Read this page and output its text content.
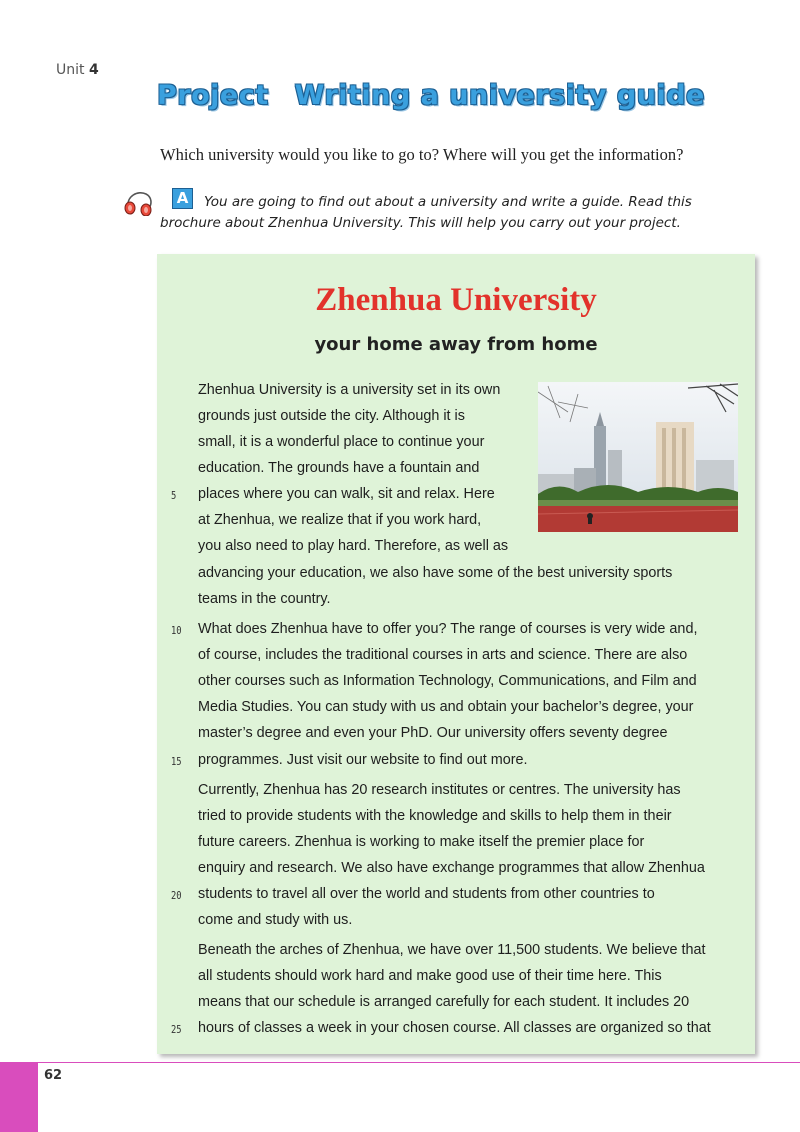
Unit 4
Project Writing a university guide
Which university would you like to go to? Where will you get the information?
A	You are going to find out about a university and write a guide. Read this brochure about Zhenhua University. This will help you carry out your project.

Zhenhua University
your home away from home
Zhenhua University is a university set in its own
grounds just outside the city. Although it is
small, it is a wonderful place to continue your
education. The grounds have a fountain and
places where you can walk, sit and relax. Here
5
at Zhenhua, we realize that if you work hard,
you also need to play hard. Therefore, as well as
advancing your education, we also have some of the best university sports
teams in the country.
What does Zhenhua have to offer you? The range of courses is very wide and,
10
of course, includes the traditional courses in arts and science. There are also
other courses such as Information Technology, Communications, and Film and
Media Studies. You can study with us and obtain your bachelor’s degree, your
master’s degree and even your PhD. Our university offers seventy degree
programmes. Just visit our website to find out more.
15
Currently, Zhenhua has 20 research institutes or centres. The university has
tried to provide students with the knowledge and skills to help them in their
future careers. Zhenhua is working to make itself the premier place for
enquiry and research. We also have exchange programmes that allow Zhenhua
students to travel all over the world and students from other countries to
20
come and study with us.
Beneath the arches of Zhenhua, we have over 11,500 students. We believe that
all students should work hard and make good use of their time here. This
means that our schedule is arranged carefully for each student. It includes 20
hours of classes a week in your chosen course. All classes are organized so that
25
62
